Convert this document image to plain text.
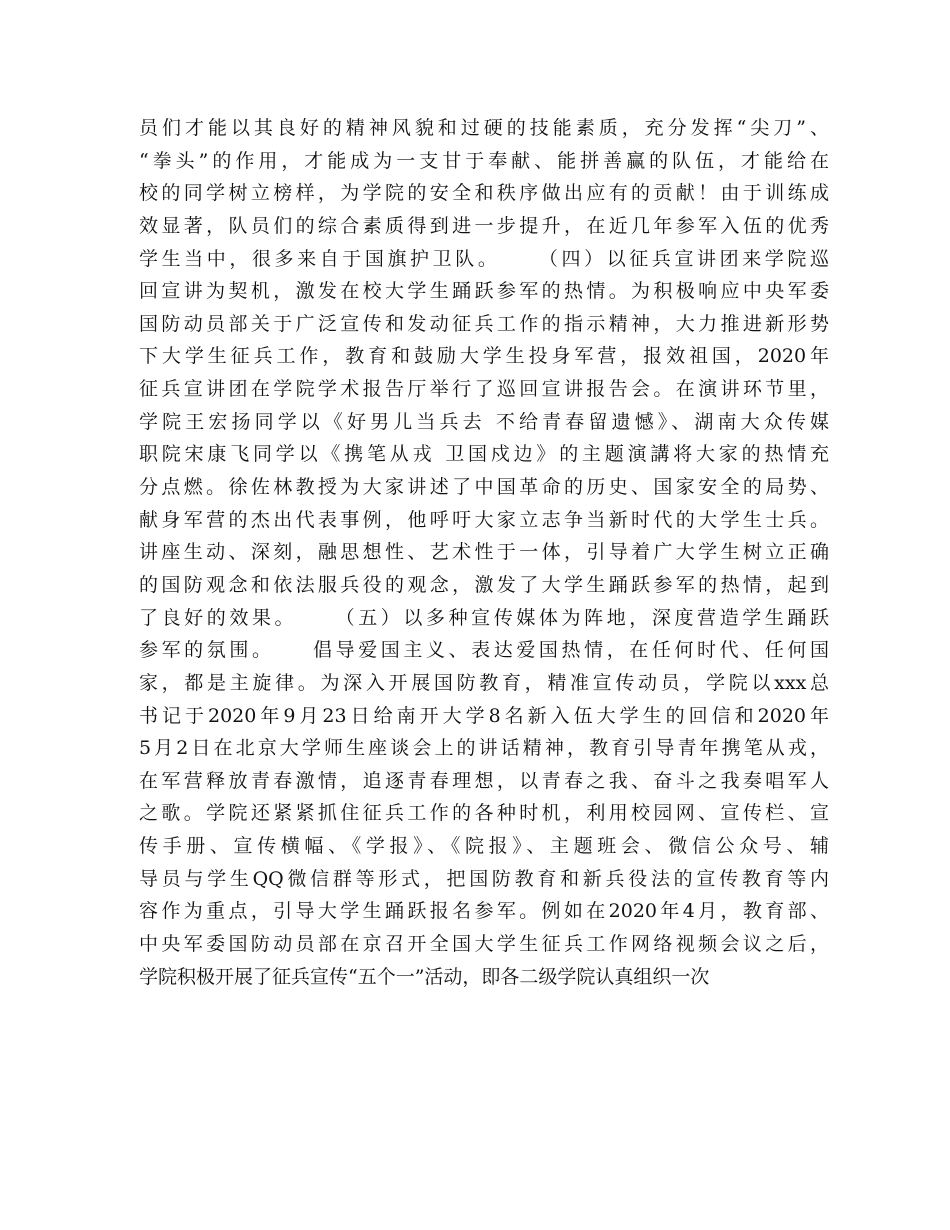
员们才能以其良好的精神风貌和过硬的技能素质，充分发挥“尖刀”、
“拳头”的作用，才能成为一支甘于奉献、能拼善赢的队伍，才能给在
校的同学树立榜样，为学院的安全和秩序做出应有的贡献！由于训练成
效显著，队员们的综合素质得到进一步提升，在近几年参军入伍的优秀
学生当中，很多来自于国旗护卫队。    （四）以征兵宣讲团来学院巡
回宣讲为契机，激发在校大学生踊跃参军的热情。为积极响应中央军委
国防动员部关于广泛宣传和发动征兵工作的指示精神，大力推进新形势
下大学生征兵工作，教育和鼓励大学生投身军营，报效祖国，2020年
征兵宣讲团在学院学术报告厅举行了巡回宣讲报告会。在演讲环节里，
学院王宏扬同学以《好男儿当兵去 不给青春留遗憾》、湖南大众传媒
职院宋康飞同学以《携笔从戎 卫国戍边》的主题演講将大家的热情充
分点燃。徐佐林教授为大家讲述了中国革命的历史、国家安全的局势、
献身军营的杰出代表事例，他呼吁大家立志争当新时代的大学生士兵。
讲座生动、深刻，融思想性、艺术性于一体，引导着广大学生树立正确
的国防观念和依法服兵役的观念，激发了大学生踊跃参军的热情，起到
了良好的效果。    （五）以多种宣传媒体为阵地，深度营造学生踊跃
参军的氛围。    倡导爱国主义、表达爱国热情，在任何时代、任何国
家，都是主旋律。为深入开展国防教育，精准宣传动员，学院以xxx总
书记于2020年9月23日给南开大学8名新入伍大学生的回信和2020年
5月2日在北京大学师生座谈会上的讲话精神，教育引导青年携笔从戎，
在军营释放青春激情，追逐青春理想，以青春之我、奋斗之我奏唱军人
之歌。学院还紧紧抓住征兵工作的各种时机，利用校园网、宣传栏、宣
传手册、宣传横幅、《学报》、《院报》、主题班会、微信公众号、辅
导员与学生QQ微信群等形式，把国防教育和新兵役法的宣传教育等内
容作为重点，引导大学生踊跃报名参军。例如在2020年4月，教育部、
中央军委国防动员部在京召开全国大学生征兵工作网络视频会议之后，
学院积极开展了征兵宣传“五个一”活动，即各二级学院认真组织一次
